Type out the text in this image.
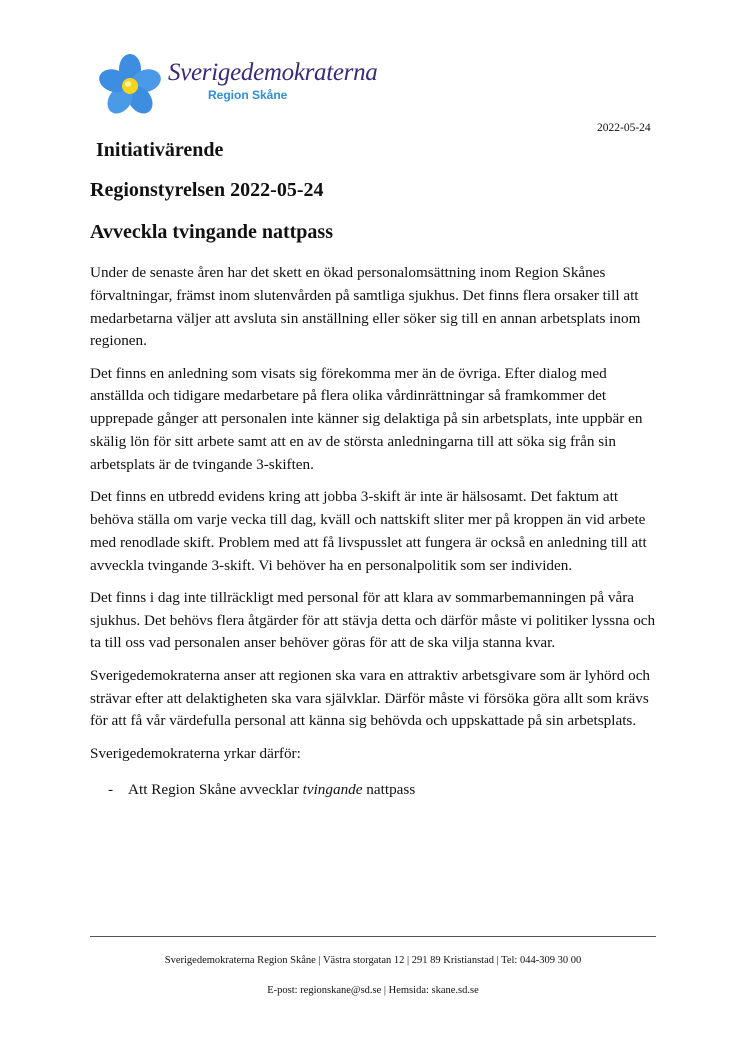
Sverigedemokraterna
Region Skåne
2022-05-24
Initiativärende
Regionstyrelsen 2022-05-24
Avveckla tvingande nattpass

Under de senaste åren har det skett en ökad personalomsättning inom Region Skånes förvaltningar, främst inom slutenvården på samtliga sjukhus. Det finns flera orsaker till att medarbetarna väljer att avsluta sin anställning eller söker sig till en annan arbetsplats inom regionen.

Det finns en anledning som visats sig förekomma mer än de övriga. Efter dialog med anställda och tidigare medarbetare på flera olika vårdinrättningar så framkommer det upprepade gånger att personalen inte känner sig delaktiga på sin arbetsplats, inte uppbär en skälig lön för sitt arbete samt att en av de största anledningarna till att söka sig från sin arbetsplats är de tvingande 3-skiften.

Det finns en utbredd evidens kring att jobba 3-skift är inte är hälsosamt. Det faktum att behöva ställa om varje vecka till dag, kväll och nattskift sliter mer på kroppen än vid arbete med renodlade skift. Problem med att få livspusslet att fungera är också en anledning till att avveckla tvingande 3-skift. Vi behöver ha en personalpolitik som ser individen.

Det finns i dag inte tillräckligt med personal för att klara av sommarbemanningen på våra sjukhus. Det behövs flera åtgärder för att stävja detta och därför måste vi politiker lyssna och ta till oss vad personalen anser behöver göras för att de ska vilja stanna kvar.

Sverigedemokraterna anser att regionen ska vara en attraktiv arbetsgivare som är lyhörd och strävar efter att delaktigheten ska vara självklar. Därför måste vi försöka göra allt som krävs för att få vår värdefulla personal att känna sig behövda och uppskattade på sin arbetsplats.

Sverigedemokraterna yrkar därför:

- Att Region Skåne avvecklar tvingande nattpass
Sverigedemokraterna Region Skåne | Västra storgatan 12 | 291 89 Kristianstad | Tel: 044-309 30 00
E-post: regionskane@sd.se | Hemsida: skane.sd.se
